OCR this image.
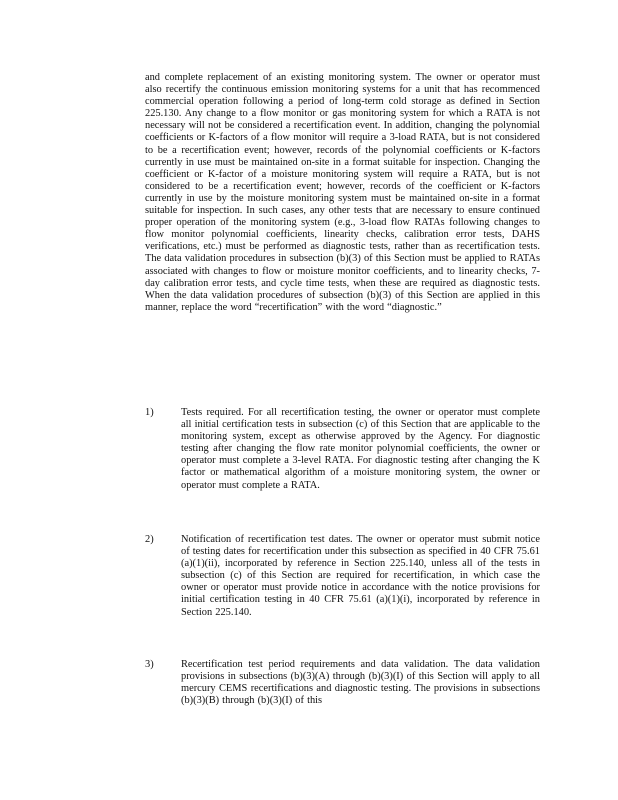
and complete replacement of an existing monitoring system. The owner or operator must also recertify the continuous emission monitoring systems for a unit that has recommenced commercial operation following a period of long-term cold storage as defined in Section 225.130. Any change to a flow monitor or gas monitoring system for which a RATA is not necessary will not be considered a recertification event. In addition, changing the polynomial coefficients or K-factors of a flow monitor will require a 3-load RATA, but is not considered to be a recertification event; however, records of the polynomial coefficients or K-factors currently in use must be maintained on-site in a format suitable for inspection. Changing the coefficient or K-factor of a moisture monitoring system will require a RATA, but is not considered to be a recertification event; however, records of the coefficient or K-factors currently in use by the moisture monitoring system must be maintained on-site in a format suitable for inspection. In such cases, any other tests that are necessary to ensure continued proper operation of the monitoring system (e.g., 3-load flow RATAs following changes to flow monitor polynomial coefficients, linearity checks, calibration error tests, DAHS verifications, etc.) must be performed as diagnostic tests, rather than as recertification tests. The data validation procedures in subsection (b)(3) of this Section must be applied to RATAs associated with changes to flow or moisture monitor coefficients, and to linearity checks, 7-day calibration error tests, and cycle time tests, when these are required as diagnostic tests. When the data validation procedures of subsection (b)(3) of this Section are applied in this manner, replace the word “recertification” with the word “diagnostic.”

1)	Tests required. For all recertification testing, the owner or operator must complete all initial certification tests in subsection (c) of this Section that are applicable to the monitoring system, except as otherwise approved by the Agency. For diagnostic testing after changing the flow rate monitor polynomial coefficients, the owner or operator must complete a 3-level RATA. For diagnostic testing after changing the K factor or mathematical algorithm of a moisture monitoring system, the owner or operator must complete a RATA.

2)	Notification of recertification test dates. The owner or operator must submit notice of testing dates for recertification under this subsection as specified in 40 CFR 75.61 (a)(1)(ii), incorporated by reference in Section 225.140, unless all of the tests in subsection (c) of this Section are required for recertification, in which case the owner or operator must provide notice in accordance with the notice provisions for initial certification testing in 40 CFR 75.61 (a)(1)(i), incorporated by reference in Section 225.140.

3)	Recertification test period requirements and data validation. The data validation provisions in subsections (b)(3)(A) through (b)(3)(I) of this Section will apply to all mercury CEMS recertifications and diagnostic testing. The provisions in subsections (b)(3)(B) through (b)(3)(I) of this
